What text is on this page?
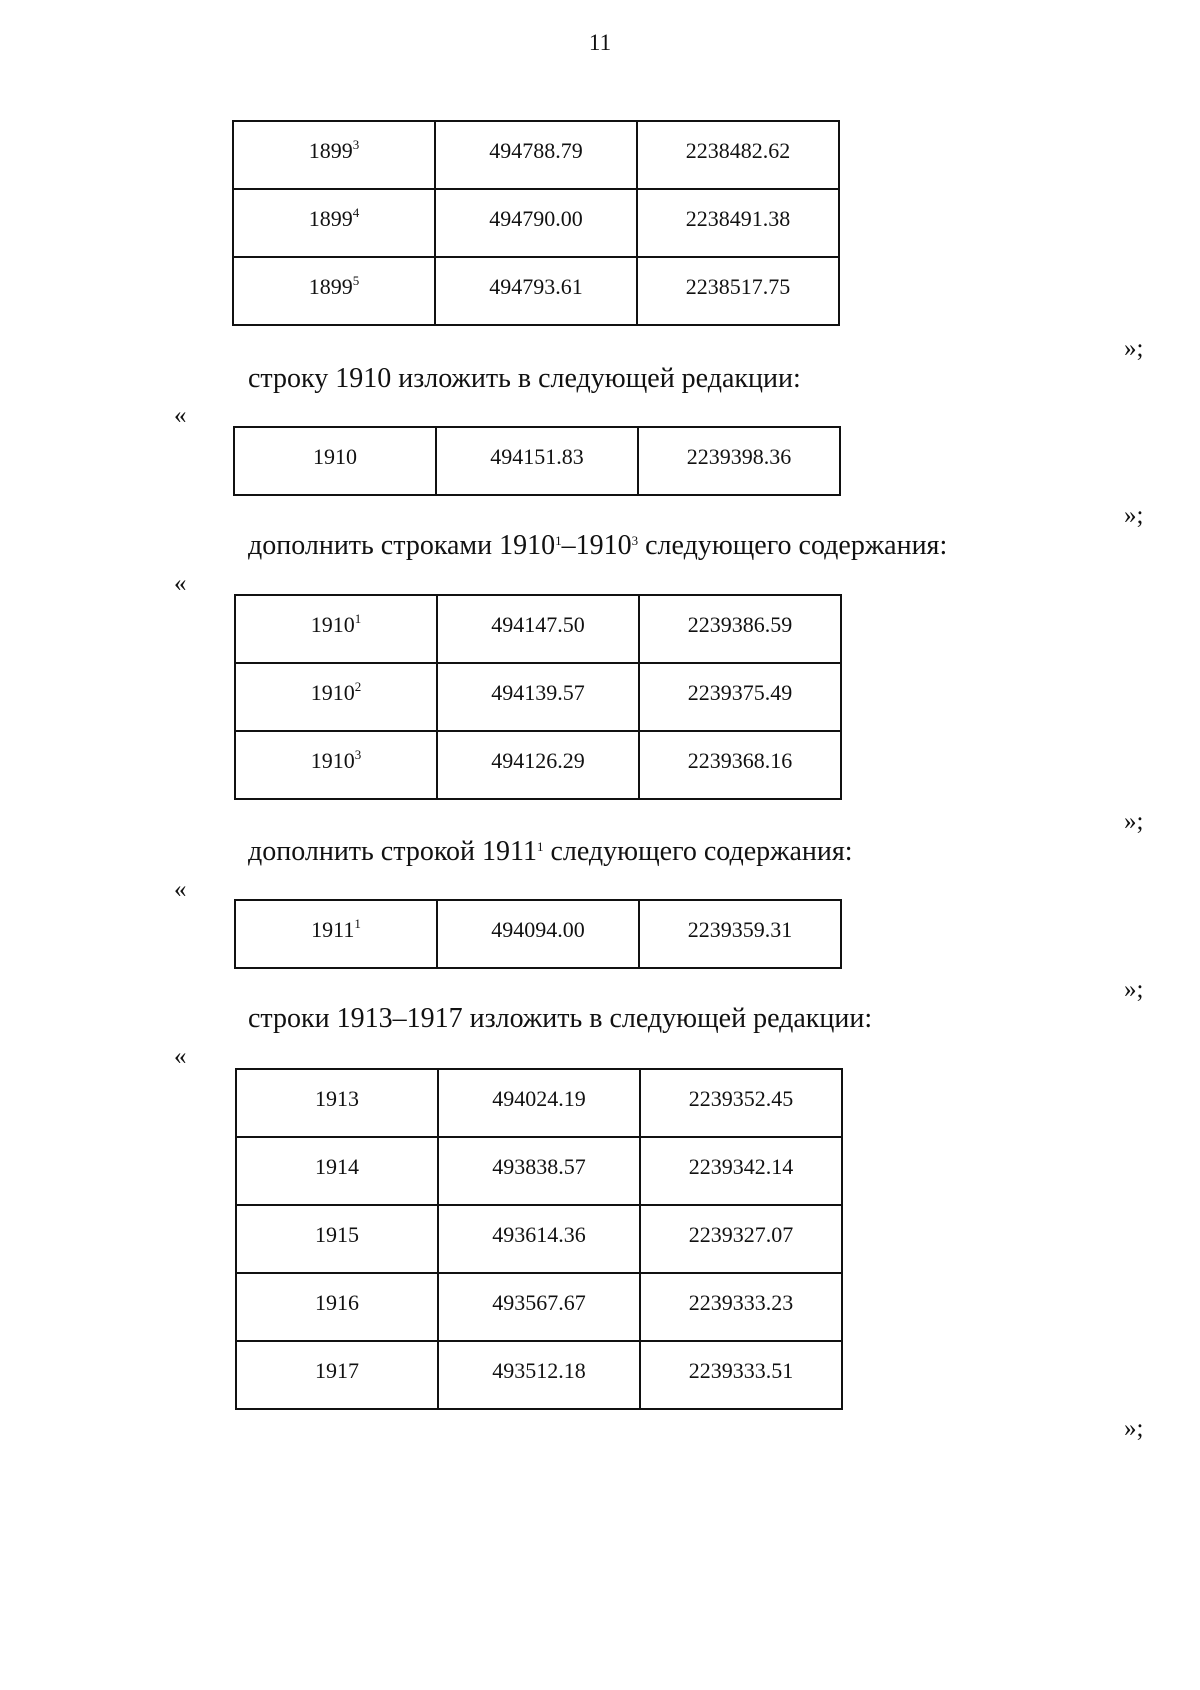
11
1899$^3$	494788.79	2238482.62
1899$^4$	494790.00	2238491.38
1899$^5$	494793.61	2238517.75
»;
строку 1910 изложить в следующей редакции:
«
1910	494151.83	2239398.36
»;
дополнить строками 1910$^1$–1910$^3$ следующего содержания:
«
1910$^1$	494147.50	2239386.59
1910$^2$	494139.57	2239375.49
1910$^3$	494126.29	2239368.16
»;
дополнить строкой 1911$^1$ следующего содержания:
«
1911$^1$	494094.00	2239359.31
»;
строки 1913–1917 изложить в следующей редакции:
«
1913	494024.19	2239352.45
1914	493838.57	2239342.14
1915	493614.36	2239327.07
1916	493567.67	2239333.23
1917	493512.18	2239333.51
»;
